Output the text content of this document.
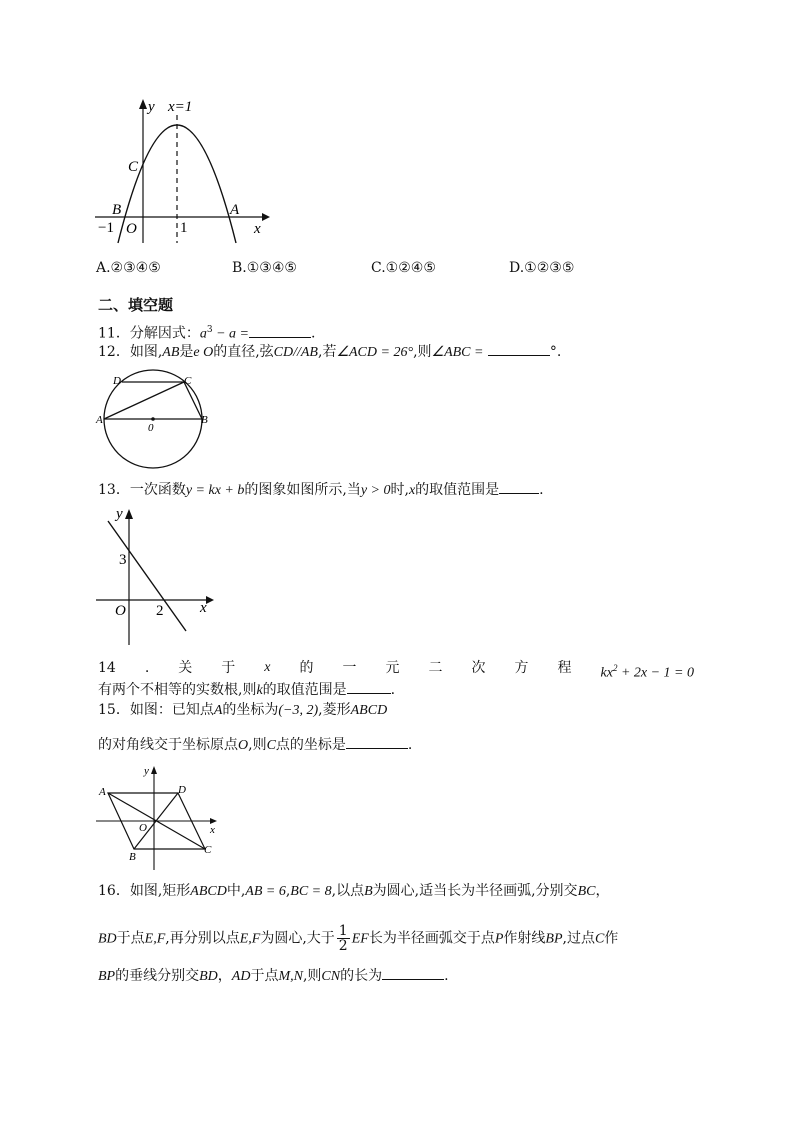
x=1
y
x
C
B	A
O
−1	1
A.②③④⑤	B.①③④⑤	C.①②④⑤	D.①②③⑤
二、填空题
11．分解因式：$a^3 - a$ =	.
12．如图,AB是e O的直径,弦CD//AB,若∠ACD = 26°,则∠ABC =	°.
D	C
A	B
0
13．一次函数y = kx + b的图象如图所示,当y > 0时,x的取值范围是	.
y
x
O
3
2
14 . 关 于 x 的 一 元 二 次 方 程 $kx^2 + 2x - 1 = 0$
有两个不相等的实数根,则k的取值范围是	.
15．如图：已知点A的坐标为(−3, 2),菱形ABCD
的对角线交于坐标原点O,则C点的坐标是	.
y
x
A	D
O
B
C
16．如图,矩形ABCD中,AB = 6,BC = 8,以点B为圆心,适当长为半径画弧,分别交BC，
BD于点E,F,再分别以点E,F为圆心,大于 $\frac{1}{2}$ EF长为半径画弧交于点P作射线BP,过点C作
BP的垂线分别交BD，AD于点M,N,则CN的长为	.
